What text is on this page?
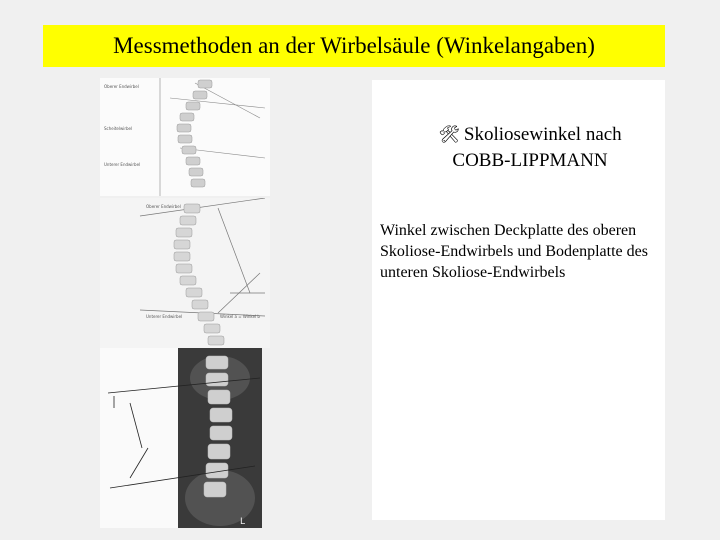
Messmethoden an der Wirbelsäule (Winkelangaben)
Oberer Endwirbel
Scheitelwirbel
Unterer Endwirbel
Oberer Endwirbel
Unterer Endwirbel	Winkel a = Winkel b
L
🛠 Skoliosewinkel nach
COBB-LIPPMANN
Winkel zwischen Deckplatte des oberen Skoliose-Endwirbels und Bodenplatte des unteren Skoliose-Endwirbels
